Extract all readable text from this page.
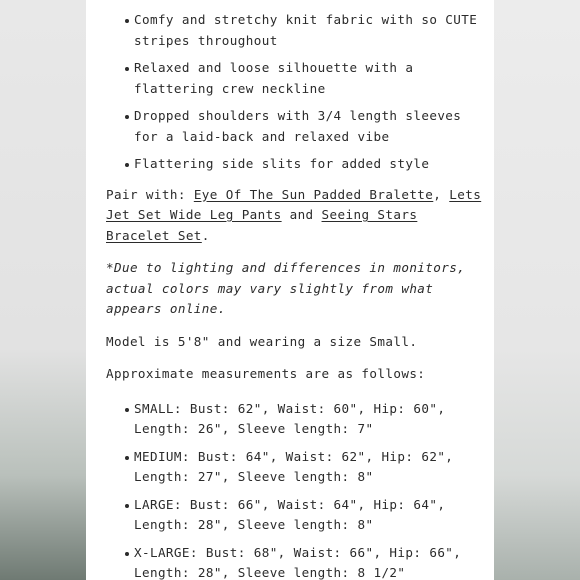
Comfy and stretchy knit fabric with so CUTE stripes throughout
Relaxed and loose silhouette with a flattering crew neckline
Dropped shoulders with 3/4 length sleeves for a laid-back and relaxed vibe
Flattering side slits for added style

Pair with: Eye Of The Sun Padded Bralette, Lets Jet Set Wide Leg Pants and Seeing Stars Bracelet Set.

*Due to lighting and differences in monitors, actual colors may vary slightly from what appears online.

Model is 5'8" and wearing a size Small.

Approximate measurements are as follows:

SMALL: Bust: 62", Waist: 60", Hip: 60", Length: 26", Sleeve length: 7"
MEDIUM: Bust: 64", Waist: 62", Hip: 62", Length: 27", Sleeve length: 8"
LARGE: Bust: 66", Waist: 64", Hip: 64", Length: 28", Sleeve length: 8"
X-LARGE: Bust: 68", Waist: 66", Hip: 66", Length: 28", Sleeve length: 8 1/2"
